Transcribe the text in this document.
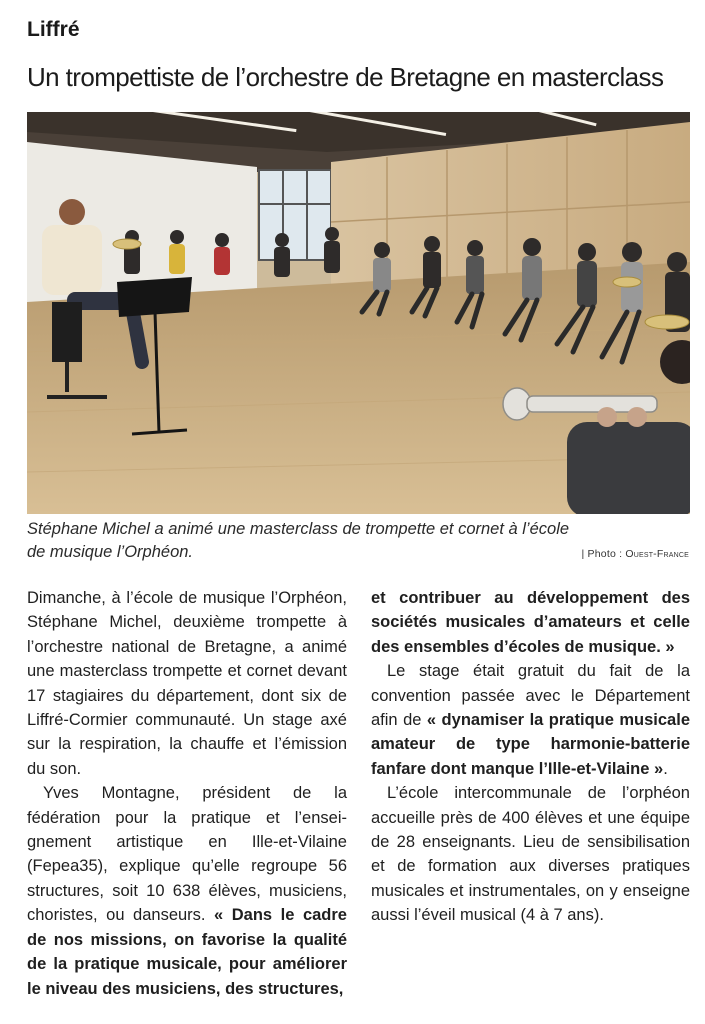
Liffré
Un trompettiste de l’orchestre de Bretagne en masterclass
Stéphane Michel a animé une masterclass de trompette et cornet à l’école
de musique l’Orphéon.	| Photo : Ouest-France

Dimanche, à l’école de musique l’Orphéon, Stéphane Michel, deuxième trompette à l’orchestre national de Bretagne, a animé une masterclass trompette et cornet devant 17 stagiaires du département, dont six de Liffré-Cormier communauté. Un stage axé sur la respiration, la chauffe et l’émission du son.

Yves Montagne, président de la fédération pour la pratique et l’enseignement artistique en Ille-et-Vilaine (Fepea35), explique qu’elle regroupe 56 structures, soit 10 638 élèves, musiciens, choristes, ou danseurs. « Dans le cadre de nos missions, on favorise la qualité de la pratique musicale, pour améliorer le niveau des musiciens, des structures,

et contribuer au développement des sociétés musicales d’amateurs et celle des ensembles d’écoles de musique. »

Le stage était gratuit du fait de la convention passée avec le Département afin de « dynamiser la pratique musicale amateur de type harmonie-batterie fanfare dont manque l’Ille-et-Vilaine ».

L’école intercommunale de l’orphéon accueille près de 400 élèves et une équipe de 28 enseignants. Lieu de sensibilisation et de formation aux diverses pratiques musicales et instrumentales, on y enseigne aussi l’éveil musical (4 à 7 ans).
